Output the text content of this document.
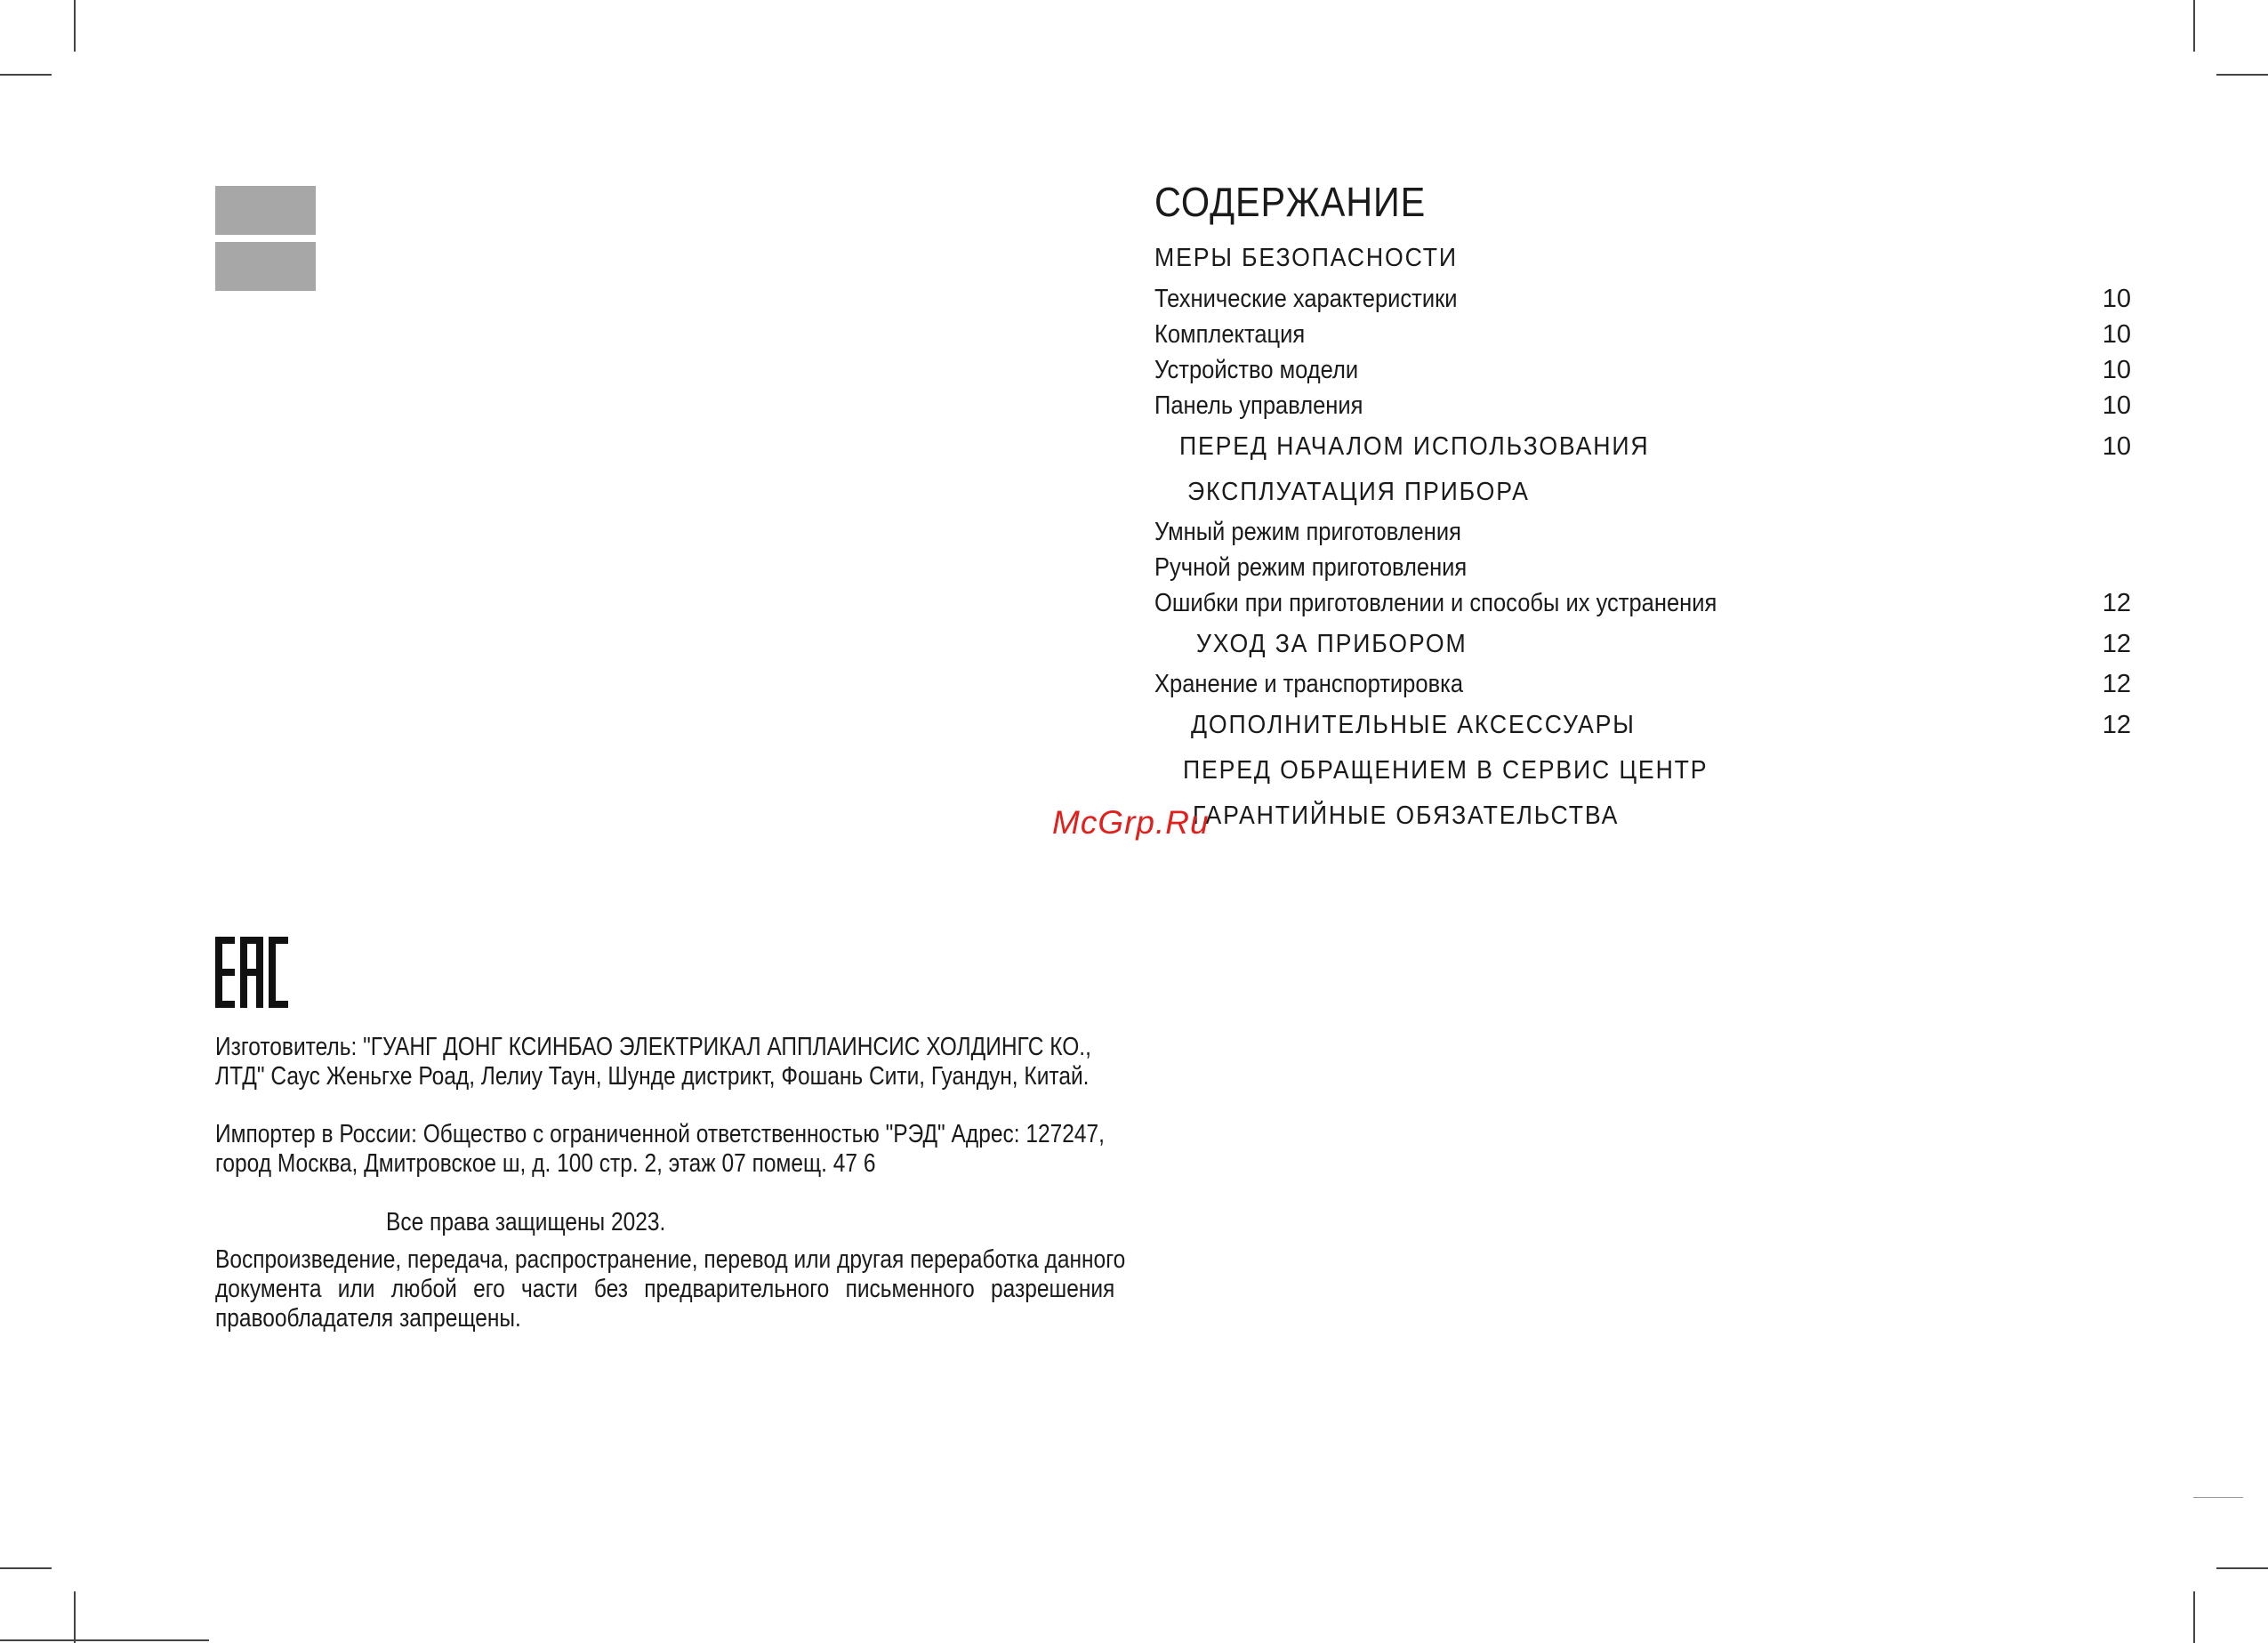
СОДЕРЖАНИЕ
МЕРЫ БЕЗОПАСНОСТИ
Технические характеристики	10
Комплектация	10
Устройство модели	10
Панель управления	10
ПЕРЕД НАЧАЛОМ ИСПОЛЬЗОВАНИЯ	10
ЭКСПЛУАТАЦИЯ ПРИБОРА
Умный режим приготовления
Ручной режим приготовления
Ошибки при приготовлении и способы их устранения	12
УХОД ЗА ПРИБОРОМ	12
Хранение и транспортировка	12
ДОПОЛНИТЕЛЬНЫЕ АКСЕССУАРЫ	12
ПЕРЕД ОБРАЩЕНИЕМ В СЕРВИС ЦЕНТР
ГАРАНТИЙНЫЕ ОБЯЗАТЕЛЬСТВА
McGrp.Ru
Изготовитель: "ГУАНГ ДОНГ КСИНБАО ЭЛЕКТРИКАЛ АППЛАИНСИС ХОЛДИНГС КО.,
ЛТД" Саус Женьгхе Роад, Лелиу Таун, Шунде дистрикт, Фошань Сити, Гуандун, Китай.
Импортер в России: Общество с ограниченной ответственностью "РЭД" Адрес: 127247,
город Москва, Дмитровское ш, д. 100 стр. 2, этаж 07 помещ. 47 6
Все права защищены 2023.
Воспроизведение, передача, распространение, перевод или другая переработка данного
документа или любой его части без предварительного письменного разрешения
правообладателя запрещены.
